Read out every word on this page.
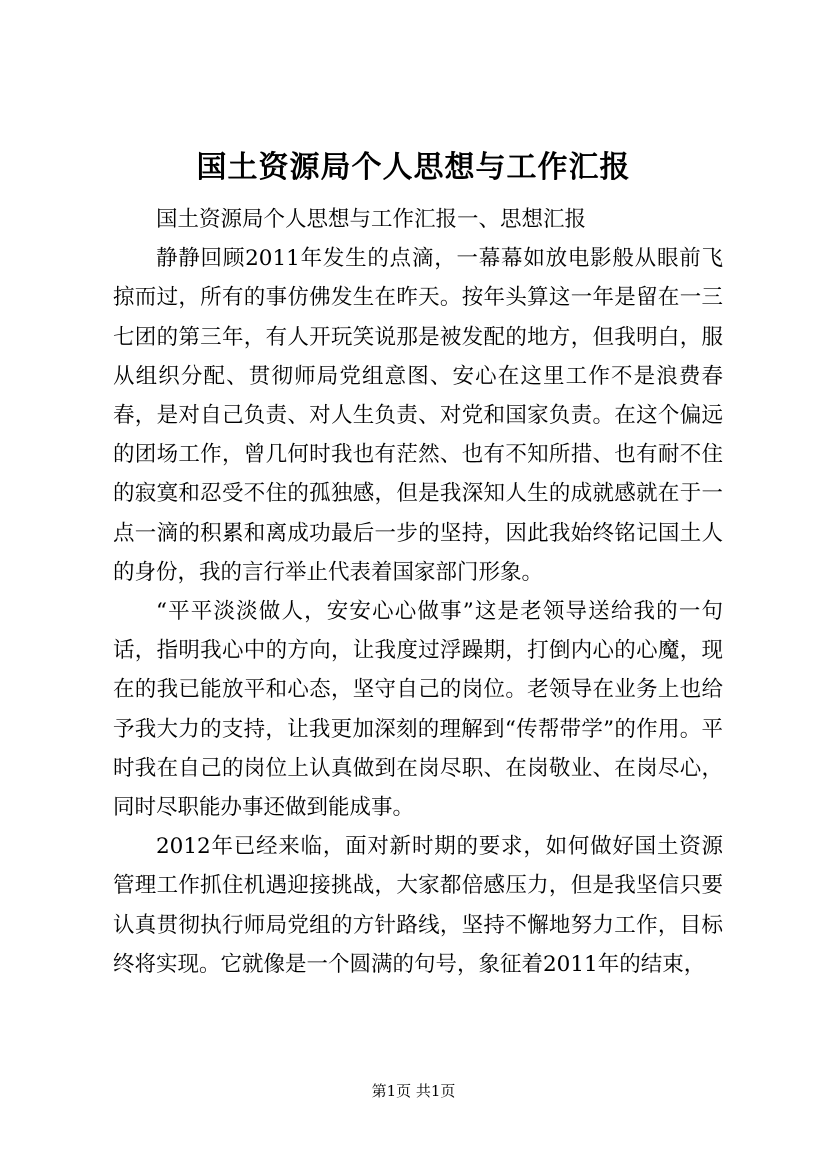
国土资源局个人思想与工作汇报

国土资源局个人思想与工作汇报一、思想汇报

静静回顾2011年发生的点滴，一幕幕如放电影般从眼前飞掠而过，所有的事仿佛发生在昨天。按年头算这一年是留在一三七团的第三年，有人开玩笑说那是被发配的地方，但我明白，服从组织分配、贯彻师局党组意图、安心在这里工作不是浪费春春，是对自己负责、对人生负责、对党和国家负责。在这个偏远的团场工作，曾几何时我也有茫然、也有不知所措、也有耐不住的寂寞和忍受不住的孤独感，但是我深知人生的成就感就在于一点一滴的积累和离成功最后一步的坚持，因此我始终铭记国土人的身份，我的言行举止代表着国家部门形象。

“平平淡淡做人，安安心心做事”这是老领导送给我的一句话，指明我心中的方向，让我度过浮躁期，打倒内心的心魔，现在的我已能放平和心态，坚守自己的岗位。老领导在业务上也给予我大力的支持，让我更加深刻的理解到“传帮带学”的作用。平时我在自己的岗位上认真做到在岗尽职、在岗敬业、在岗尽心，同时尽职能办事还做到能成事。

2012年已经来临，面对新时期的要求，如何做好国土资源管理工作抓住机遇迎接挑战，大家都倍感压力，但是我坚信只要认真贯彻执行师局党组的方针路线，坚持不懈地努力工作，目标终将实现。它就像是一个圆满的句号，象征着2011年的结束，

第1页 共1页
